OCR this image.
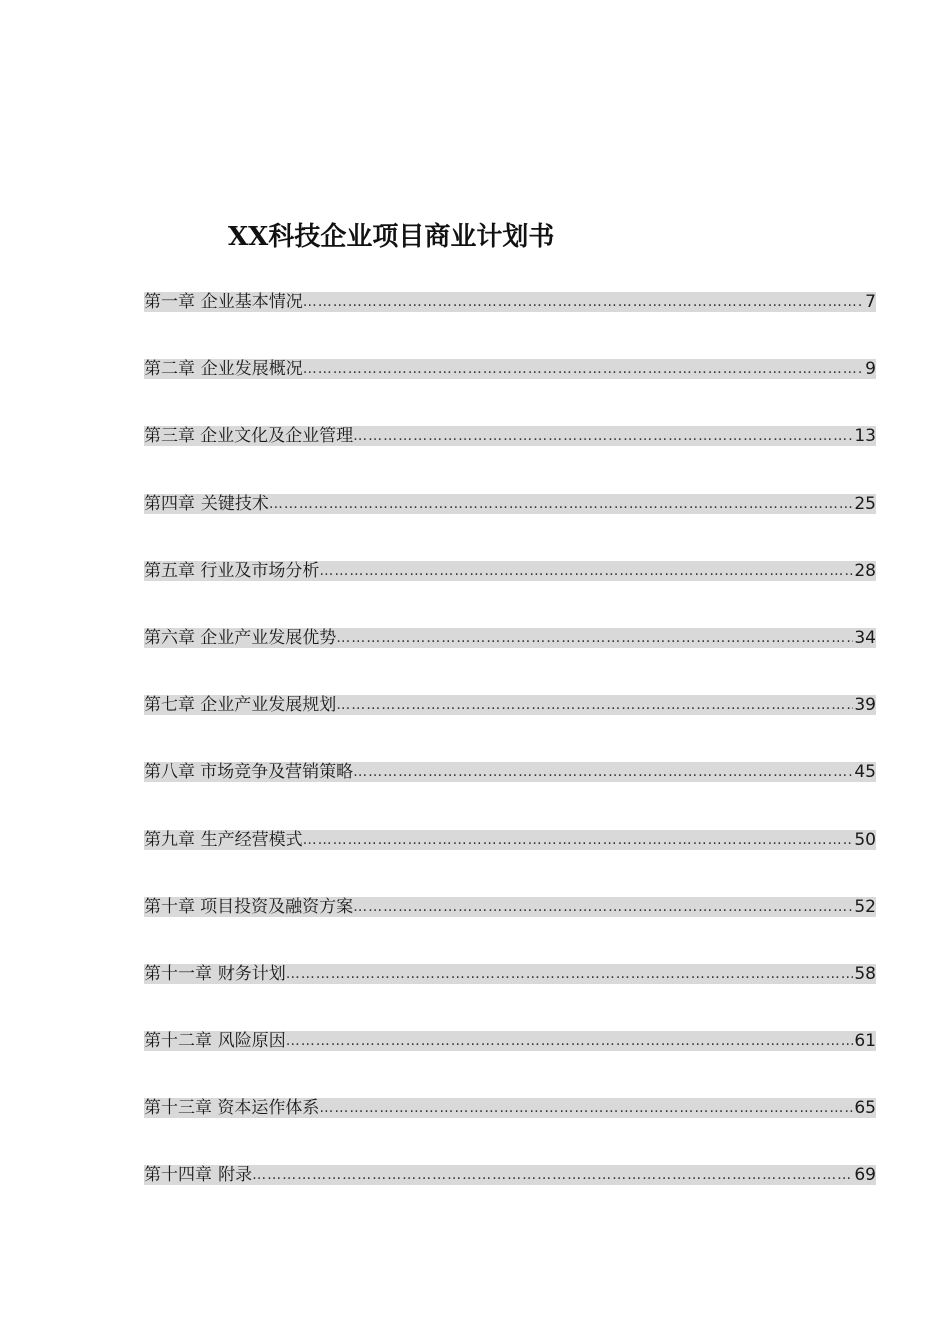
XX科技企业项目商业计划书
第一章 企业基本情况 ……………………………………………………………………………………………………………………………………………………………………………………………………………………………………………………	7
第二章 企业发展概况 ……………………………………………………………………………………………………………………………………………………………………………………………………………………………………………………	9
第三章 企业文化及企业管理 ……………………………………………………………………………………………………………………………………………………………………………………………………………………………………………………	13
第四章 关键技术 ……………………………………………………………………………………………………………………………………………………………………………………………………………………………………………………	25
第五章 行业及市场分析 ……………………………………………………………………………………………………………………………………………………………………………………………………………………………………………………	28
第六章 企业产业发展优势 ……………………………………………………………………………………………………………………………………………………………………………………………………………………………………………………	34
第七章 企业产业发展规划 ……………………………………………………………………………………………………………………………………………………………………………………………………………………………………………………	39
第八章 市场竞争及营销策略 ……………………………………………………………………………………………………………………………………………………………………………………………………………………………………………………	45
第九章 生产经营模式 ……………………………………………………………………………………………………………………………………………………………………………………………………………………………………………………	50
第十章 项目投资及融资方案 ……………………………………………………………………………………………………………………………………………………………………………………………………………………………………………………	52
第十一章 财务计划 ……………………………………………………………………………………………………………………………………………………………………………………………………………………………………………………	58
第十二章 风险原因 ……………………………………………………………………………………………………………………………………………………………………………………………………………………………………………………	61
第十三章 资本运作体系 ……………………………………………………………………………………………………………………………………………………………………………………………………………………………………………………	65
第十四章 附录 ……………………………………………………………………………………………………………………………………………………………………………………………………………………………………………………	69
